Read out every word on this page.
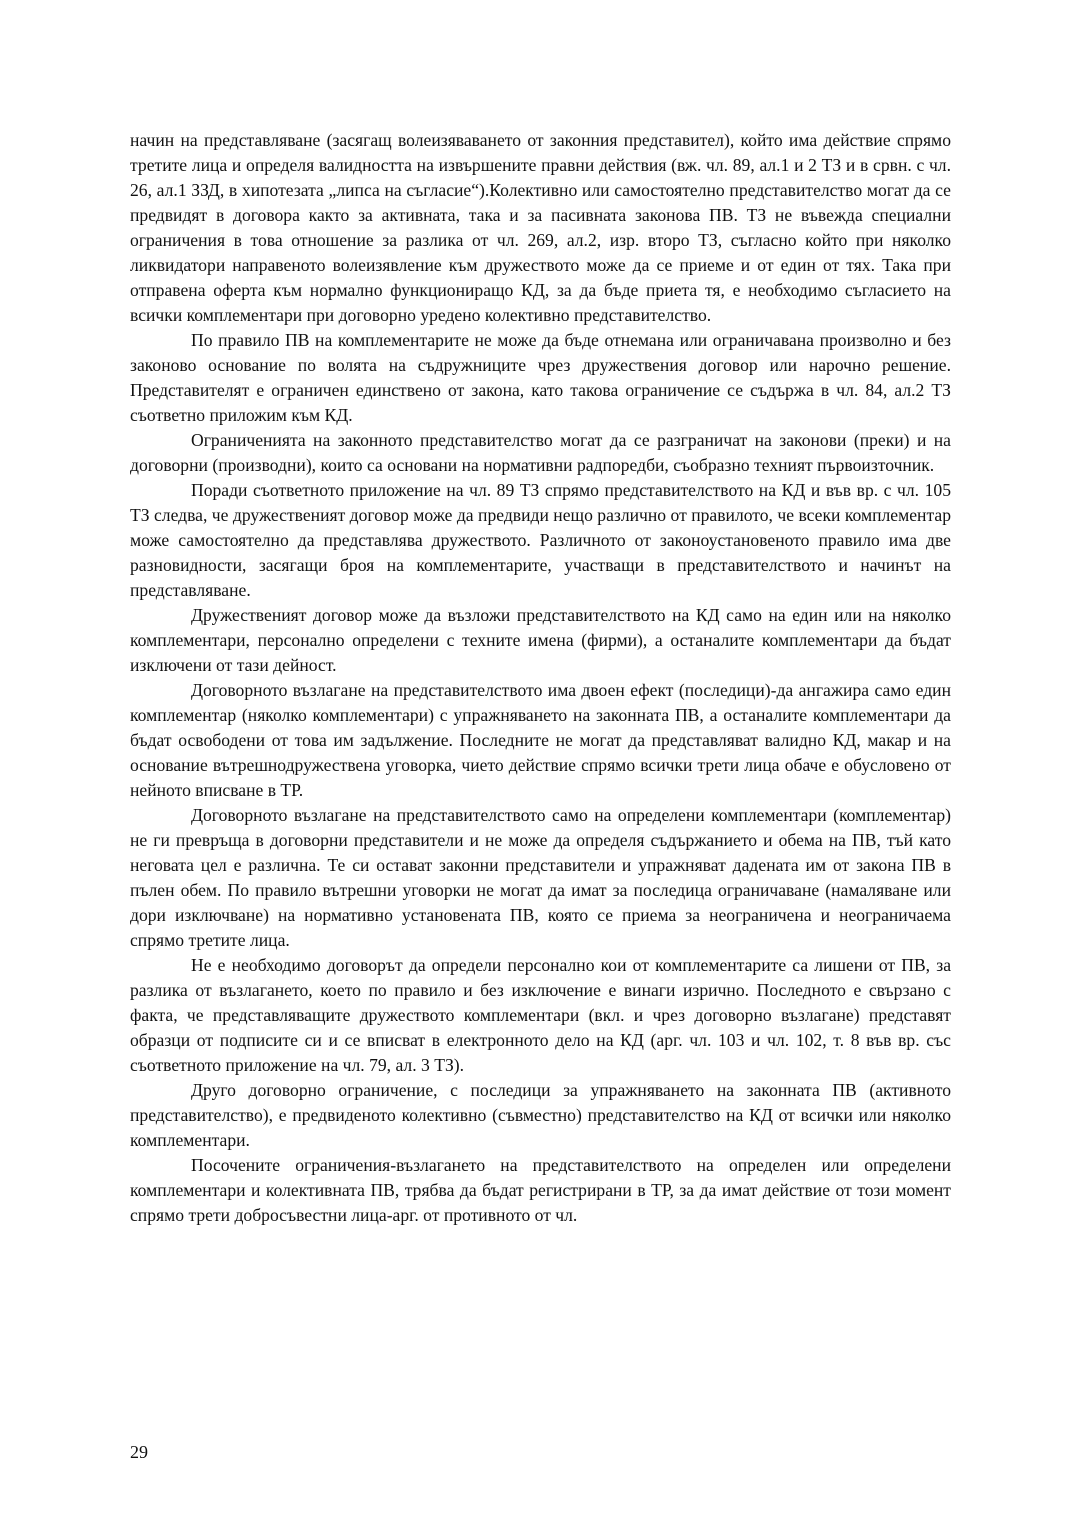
начин на представляване (засягащ волеизяваването от законния представител), който има действие спрямо третите лица и определя валидността на извършените правни действия (вж. чл. 89, ал.1 и 2 ТЗ и в срвн. с чл. 26, ал.1 ЗЗД, в хипотезата „липса на съгласие“).Колективно или самостоятелно представителство могат да се предвидят в договора както за активната, така и за пасивната законова ПВ. ТЗ не въвежда специални ограничения в това отношение за разлика от чл. 269, ал.2, изр. второ ТЗ, съгласно който при няколко ликвидатори направеното волеизявление към дружеството може да се приеме и от един от тях. Така при отправена оферта към нормално функциониращо КД, за да бъде приета тя, е необходимо съгласието на всички комплементари при договорно уредено колективно представителство.

По правило ПВ на комплементарите не може да бъде отнемана или ограничавана произволно и без законово основание по волята на съдружниците чрез дружествения договор или нарочно решение. Представителят е ограничен единствено от закона, като такова ограничение се съдържа в чл. 84, ал.2 ТЗ съответно приложим към КД.

Ограниченията на законното представителство могат да се разграничат на законови (преки) и на договорни (производни), които са основани на нормативни радпоредби, съобразно техният първоизточник.

Поради съответното приложение на чл. 89 ТЗ спрямо представителството на КД и във вр. с чл. 105 ТЗ следва, че дружественият договор може да предвиди нещо различно от правилото, че всеки комплементар може самостоятелно да представлява дружеството. Различното от законоустановеното правило има две разновидности, засягащи броя на комплементарите, участващи в представителството и начинът на представляване.

Дружественият договор може да възложи представителството на КД само на един или на няколко комплементари, персонално определени с техните имена (фирми), а останалите комплементари да бъдат изключени от тази дейност.

Договорното възлагане на представителството има двоен ефект (последици)-да ангажира само един комплементар (няколко комплементари) с упражняването на законната ПВ, а останалите комплементари да бъдат освободени от това им задължение. Последните не могат да представляват валидно КД, макар и на основание вътрешнодружествена уговорка, чието действие спрямо всички трети лица обаче е обусловено от нейното вписване в ТР.

Договорното възлагане на представителството само на определени комплементари (комплементар) не ги превръща в договорни представители и не може да определя съдържанието и обема на ПВ, тъй като неговата цел е различна. Те си остават законни представители и упражняват дадената им от закона ПВ в пълен обем. По правило вътрешни уговорки не могат да имат за последица ограничаване (намаляване или дори изключване) на нормативно установената ПВ, която се приема за неограничена и неограничаема спрямо третите лица.

Не е необходимо договорът да определи персонално кои от комплементарите са лишени от ПВ, за разлика от възлагането, което по правило и без изключение е винаги изрично. Последното е свързано с факта, че представляващите дружеството комплементари (вкл. и чрез договорно възлагане) представят образци от подписите си и се вписват в електронното дело на КД (арг. чл. 103 и чл. 102, т. 8 във вр. със съответното приложение на чл. 79, ал. 3 ТЗ).

Друго договорно ограничение, с последици за упражняването на законната ПВ (активното представителство), е предвиденото колективно (съвместно) представителство на КД от всички или няколко комплементари.

Посочените ограничения-възлагането на представителството на определен или определени комплементари и колективната ПВ, трябва да бъдат регистрирани в ТР, за да имат действие от този момент спрямо трети добросъвестни лица-арг. от противното от чл.

29
